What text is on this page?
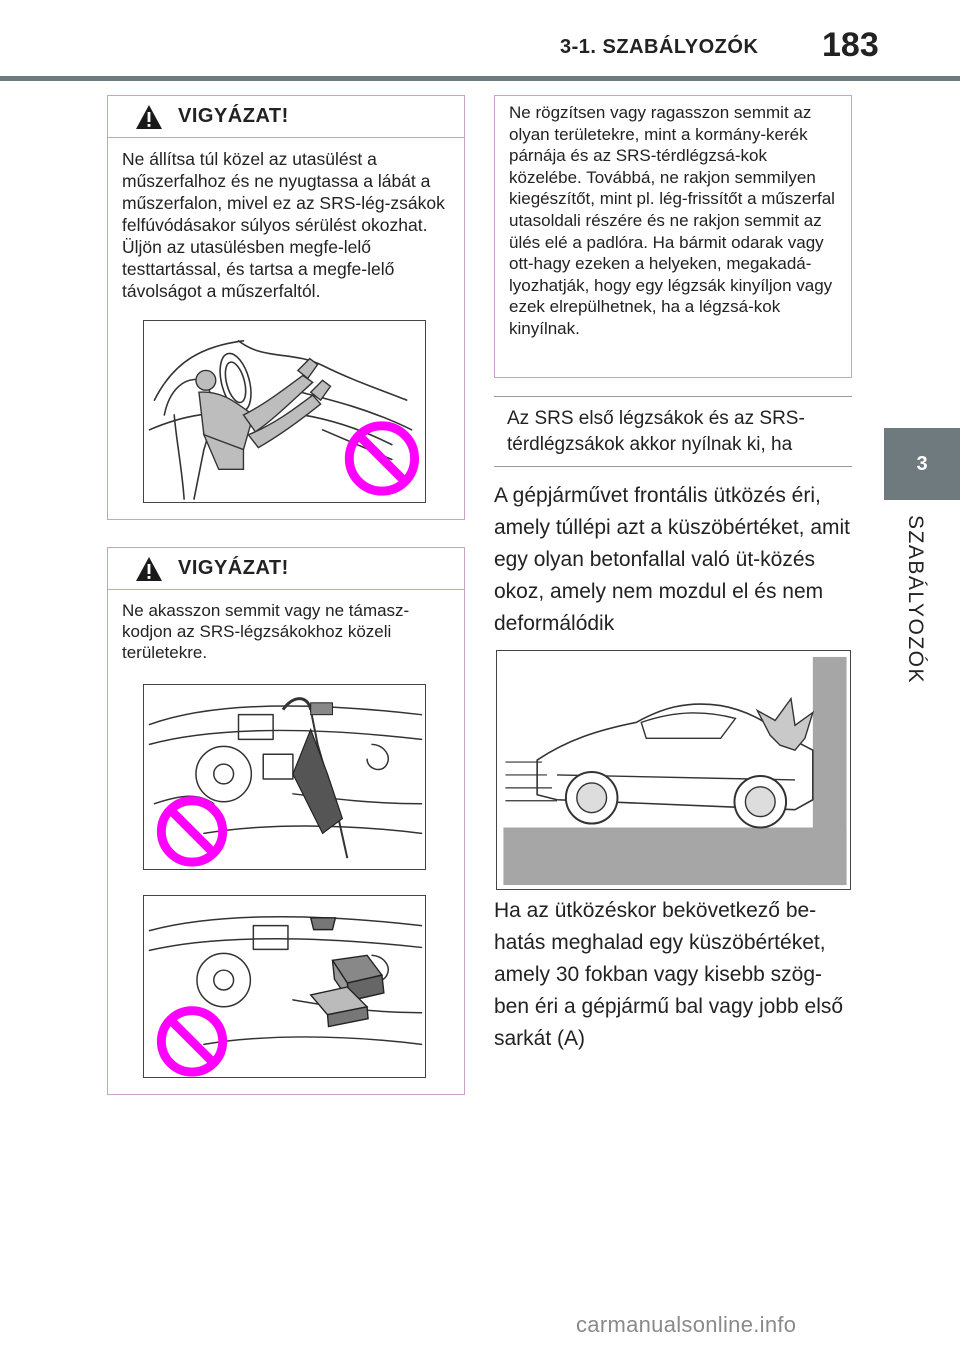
3-1. SZABÁLYOZÓK	183
3
SZABÁLYOZÓK
VIGYÁZAT!
Ne állítsa túl közel az utasülést a műszerfalhoz és ne nyugtassa a lábát a műszerfalon, mivel ez az SRS-lég-zsákok felfúvódásakor súlyos sérülést okozhat. Üljön az utasülésben megfe-lelő testtartással, és tartsa a megfe-lelő távolságot a műszerfaltól.
VIGYÁZAT!
Ne akasszon semmit vagy ne támasz-kodjon az SRS-légzsákokhoz közeli területekre.
Ne rögzítsen vagy ragasszon semmit az olyan területekre, mint a kormány-kerék párnája és az SRS-térdlégzsá-kok közelébe. Továbbá, ne rakjon semmilyen kiegészítőt, mint pl. lég-frissítőt a műszerfal utasoldali részére és ne rakjon semmit az ülés elé a padlóra. Ha bármit odarak vagy ott-hagy ezeken a helyeken, megakadá-lyozhatják, hogy egy légzsák kinyíljon vagy ezek elrepülhetnek, ha a légzsá-kok kinyílnak.
Az SRS első légzsákok és az SRS-térdlégzsákok akkor nyílnak ki, ha

A gépjárművet frontális ütközés éri, amely túllépi azt a küszöbértéket, amit egy olyan betonfallal való üt-közés okoz, amely nem mozdul el és nem deformálódik

Ha az ütközéskor bekövetkező be-hatás meghalad egy küszöbértéket, amely 30 fokban vagy kisebb szög-ben éri a gépjármű bal vagy jobb első sarkát (A)

carmanualsonline.info
